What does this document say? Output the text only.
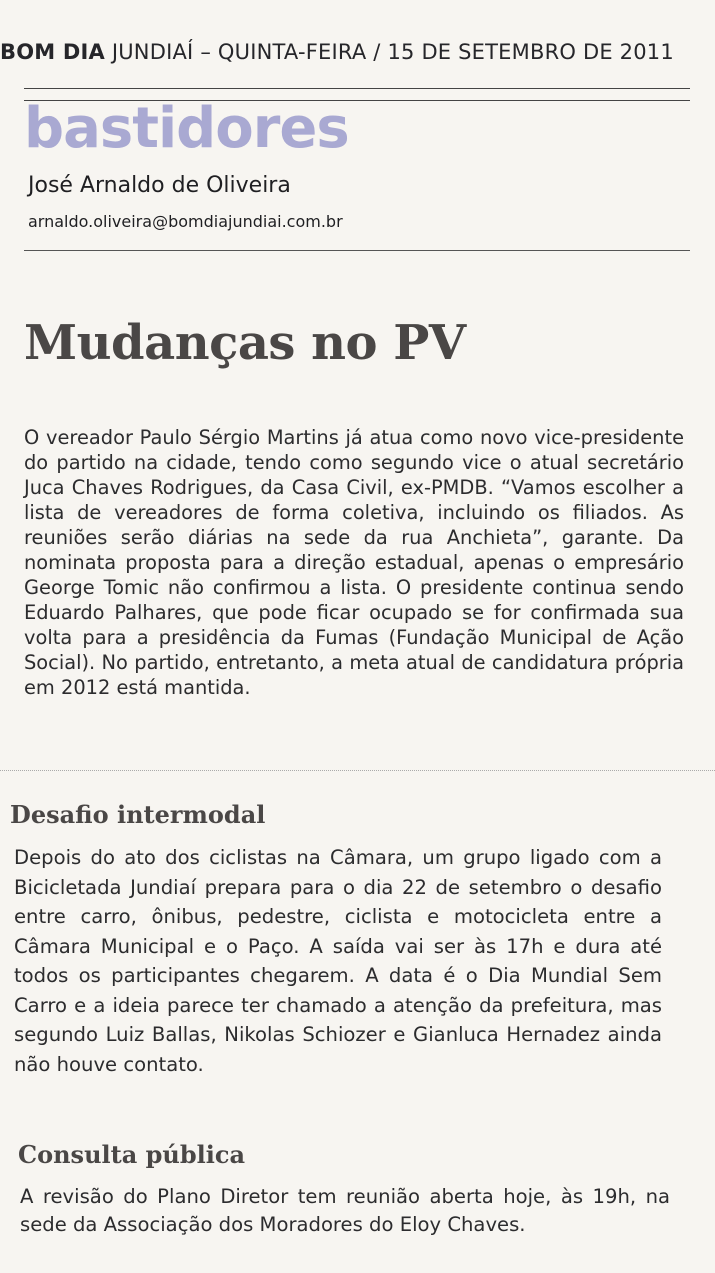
BOM DIA JUNDIAÍ – QUINTA-FEIRA / 15 DE SETEMBRO DE 2011
bastidores
José Arnaldo de Oliveira
arnaldo.oliveira@bomdiajundiai.com.br
Mudanças no PV

O vereador Paulo Sérgio Martins já atua como novo vice-presidente do partido na cidade, tendo como segundo vice o atual secretário Juca Chaves Rodrigues, da Casa Civil, ex-PMDB. “Vamos escolher a lista de vereadores de forma coletiva, incluindo os filiados. As reuniões serão diárias na sede da rua Anchieta”, garante. Da nominata proposta para a direção estadual, apenas o empresário George Tomic não confirmou a lista. O presidente continua sendo Eduardo Palhares, que pode ficar ocupado se for confirmada sua volta para a presidência da Fumas (Fundação Municipal de Ação Social). No partido, entretanto, a meta atual de candidatura própria em 2012 está mantida.

Desafio intermodal

Depois do ato dos ciclistas na Câmara, um grupo ligado com a Bicicletada Jundiaí prepara para o dia 22 de setembro o desafio entre carro, ônibus, pedestre, ciclista e motocicleta entre a Câmara Municipal e o Paço. A saída vai ser às 17h e dura até todos os participantes chegarem. A data é o Dia Mundial Sem Carro e a ideia parece ter chamado a atenção da prefeitura, mas segundo Luiz Ballas, Nikolas Schiozer e Gianluca Hernadez ainda não houve contato.

Consulta pública

A revisão do Plano Diretor tem reunião aberta hoje, às 19h, na sede da Associação dos Moradores do Eloy Chaves.
